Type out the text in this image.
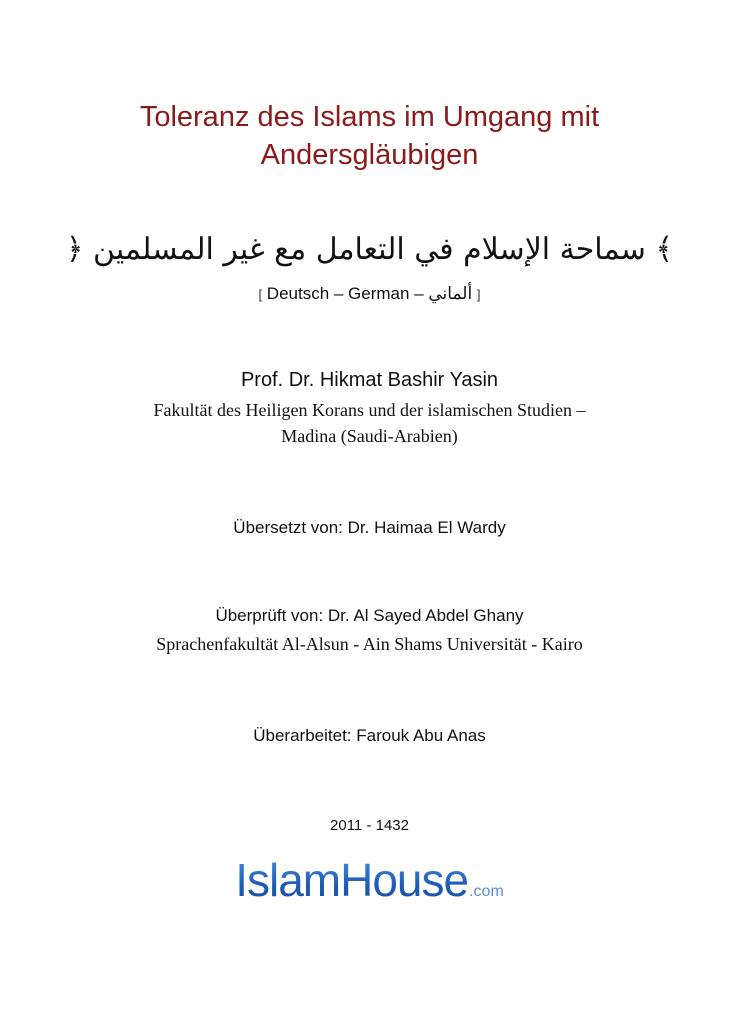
Toleranz des Islams im Umgang mit
Andersgläubigen
﴾ سماحة الإسلام في التعامل مع غير المسلمين ﴿
[ Deutsch – German – ألماني ]
Prof. Dr. Hikmat Bashir Yasin
Fakultät des Heiligen Korans und der islamischen Studien –
Madina (Saudi-Arabien)
Übersetzt von: Dr. Haimaa El Wardy
Überprüft von: Dr. Al Sayed Abdel Ghany
Sprachenfakultät Al-Alsun - Ain Shams Universität - Kairo
Überarbeitet: Farouk Abu Anas
2011 - 1432
IslamHouse.com
